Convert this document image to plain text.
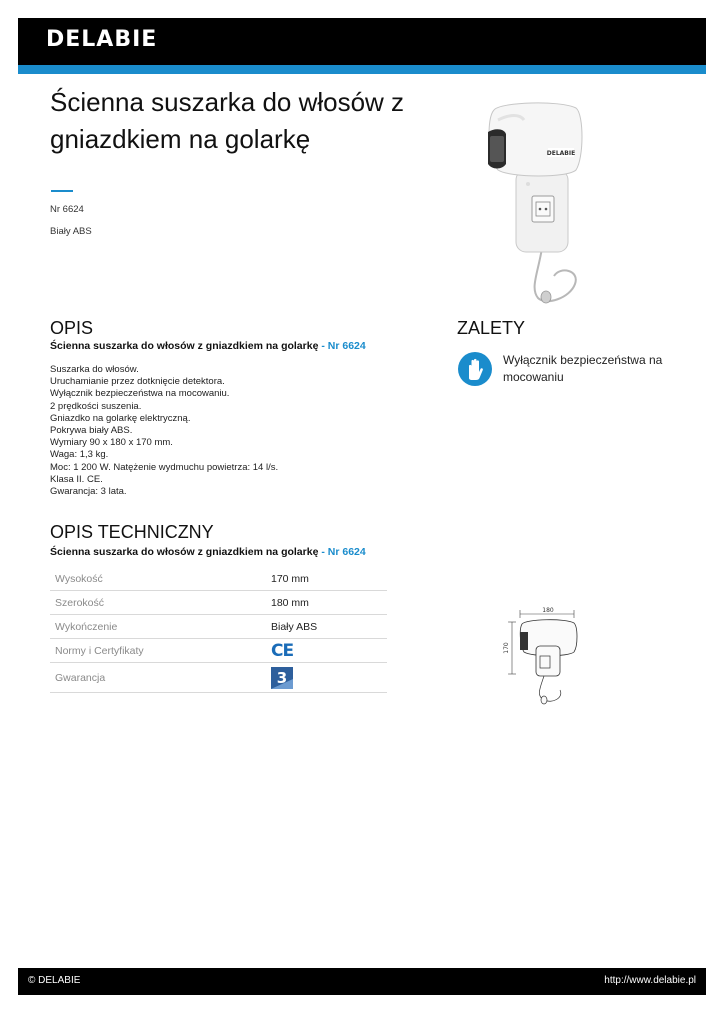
DELABIE
Ścienna suszarka do włosów z gniazdkiem na golarkę
Nr 6624
Biały ABS
DELABIE
OPIS
Ścienna suszarka do włosów z gniazdkiem na golarkę - Nr 6624
Suszarka do włosów.
Uruchamianie przez dotknięcie detektora.
Wyłącznik bezpieczeństwa na mocowaniu.
2 prędkości suszenia.
Gniazdko na golarkę elektryczną.
Pokrywa biały ABS.
Wymiary 90 x 180 x 170 mm.
Waga: 1,3 kg.
Moc: 1 200 W. Natężenie wydmuchu powietrza: 14 l/s.
Klasa II. CE.
Gwarancja: 3 lata.
ZALETY
Wyłącznik bezpieczeństwa na mocowaniu
OPIS TECHNICZNY
Ścienna suszarka do włosów z gniazdkiem na golarkę - Nr 6624
Wysokość	170 mm
Szerokość	180 mm
Wykończenie	Biały ABS
Normy i Certyfikaty	CE
Gwarancja	3
180
170
© DELABIE	http://www.delabie.pl
